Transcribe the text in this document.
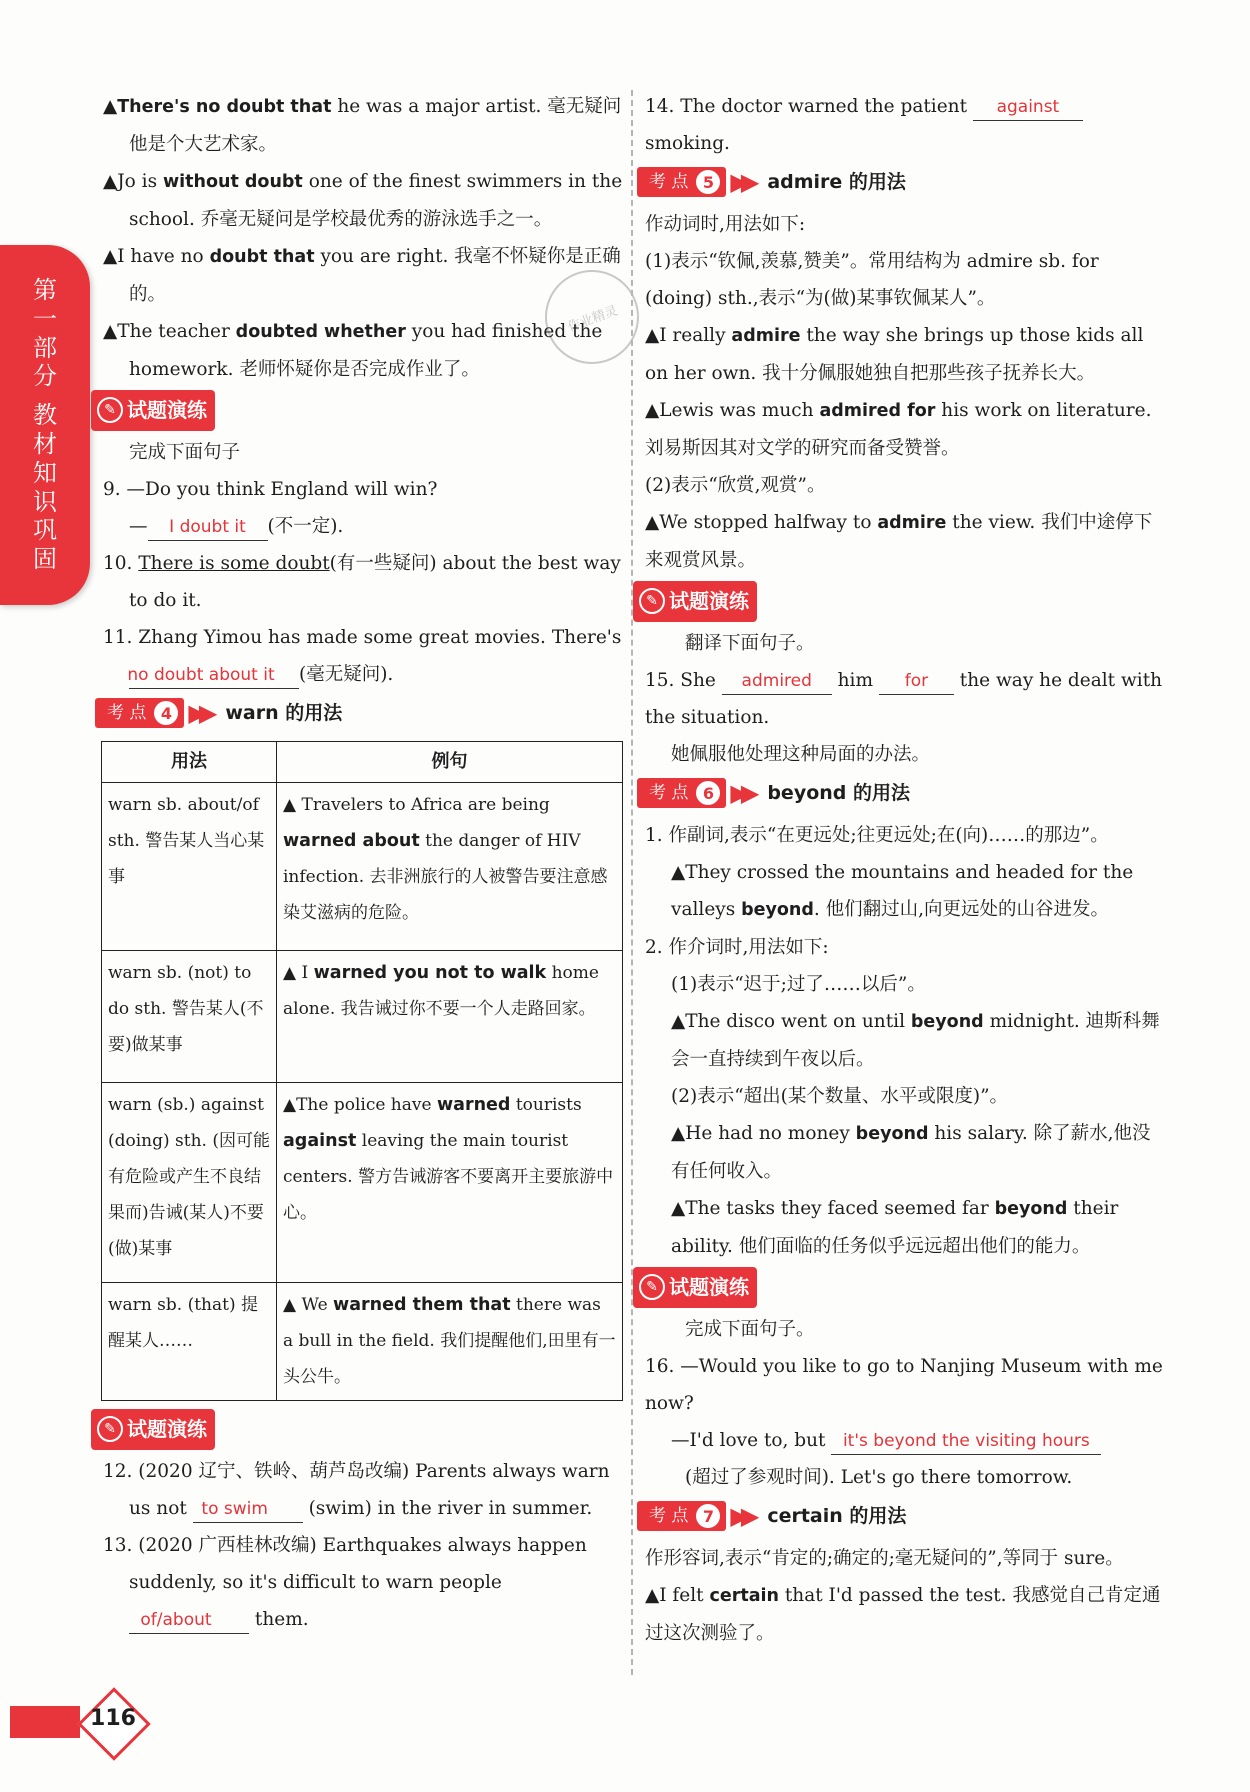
第
一
部
分
教
材
知
识
巩
固
作业精灵

▲There's no doubt that he was a major artist. 毫无疑问他是个大艺术家。

▲Jo is without doubt one of the finest swimmers in the school. 乔毫无疑问是学校最优秀的游泳选手之一。

▲I have no doubt that you are right. 我毫不怀疑你是正确的。

▲The teacher doubted whether you had finished the homework. 老师怀疑你是否完成作业了。

✎ 试题演练

完成下面句子

9. —Do you think England will win?

— I doubt it (不一定).

10. There is some doubt(有一些疑问) about the best way to do it.

11. Zhang Yimou has made some great movies. There's
no doubt about it (毫无疑问).

考 点 4 ▶▶ warn 的用法
用法	例句
warn sb. about/of sth. 警告某人当心某事	▲ Travelers to Africa are being warned about the danger of HIV infection. 去非洲旅行的人被警告要注意感染艾滋病的危险。
warn sb. (not) to do sth. 警告某人(不要)做某事	▲ I warned you not to walk home alone. 我告诫过你不要一个人走路回家。
warn (sb.) against (doing) sth. (因可能有危险或产生不良结果而)告诫(某人)不要(做)某事	▲The police have warned tourists against leaving the main tourist centers. 警方告诫游客不要离开主要旅游中心。
warn sb. (that) 提醒某人……	▲ We warned them that there was a bull in the field. 我们提醒他们,田里有一头公牛。
✎ 试题演练

12. (2020 辽宁、铁岭、葫芦岛改编) Parents always warn us not to swim (swim) in the river in summer.

13. (2020 广西桂林改编) Earthquakes always happen suddenly, so it's difficult to warn people of/about them.

14. The doctor warned the patient against smoking.

考 点 5 ▶▶ admire 的用法

作动词时,用法如下:

(1)表示“钦佩,羡慕,赞美”。常用结构为 admire sb. for (doing) sth.,表示“为(做)某事钦佩某人”。

▲I really admire the way she brings up those kids all on her own. 我十分佩服她独自把那些孩子抚养长大。

▲Lewis was much admired for his work on literature. 刘易斯因其对文学的研究而备受赞誉。

(2)表示“欣赏,观赏”。

▲We stopped halfway to admire the view. 我们中途停下来观赏风景。

✎ 试题演练

翻译下面句子。

15. She admired him for the way he dealt with the situation.

她佩服他处理这种局面的办法。

考 点 6 ▶▶ beyond 的用法

1. 作副词,表示“在更远处;往更远处;在(向)……的那边”。

▲They crossed the mountains and headed for the valleys beyond. 他们翻过山,向更远处的山谷进发。

2. 作介词时,用法如下:

(1)表示“迟于;过了……以后”。

▲The disco went on until beyond midnight. 迪斯科舞会一直持续到午夜以后。

(2)表示“超出(某个数量、水平或限度)”。

▲He had no money beyond his salary. 除了薪水,他没有任何收入。

▲The tasks they faced seemed far beyond their ability. 他们面临的任务似乎远远超出他们的能力。

✎ 试题演练

完成下面句子。

16. —Would you like to go to Nanjing Museum with me now?

—I'd love to, but it's beyond the visiting hours

(超过了参观时间). Let's go there tomorrow.

考 点 7 ▶▶ certain 的用法

作形容词,表示“肯定的;确定的;毫无疑问的”,等同于 sure。

▲I felt certain that I'd passed the test. 我感觉自己肯定通过这次测验了。

116
